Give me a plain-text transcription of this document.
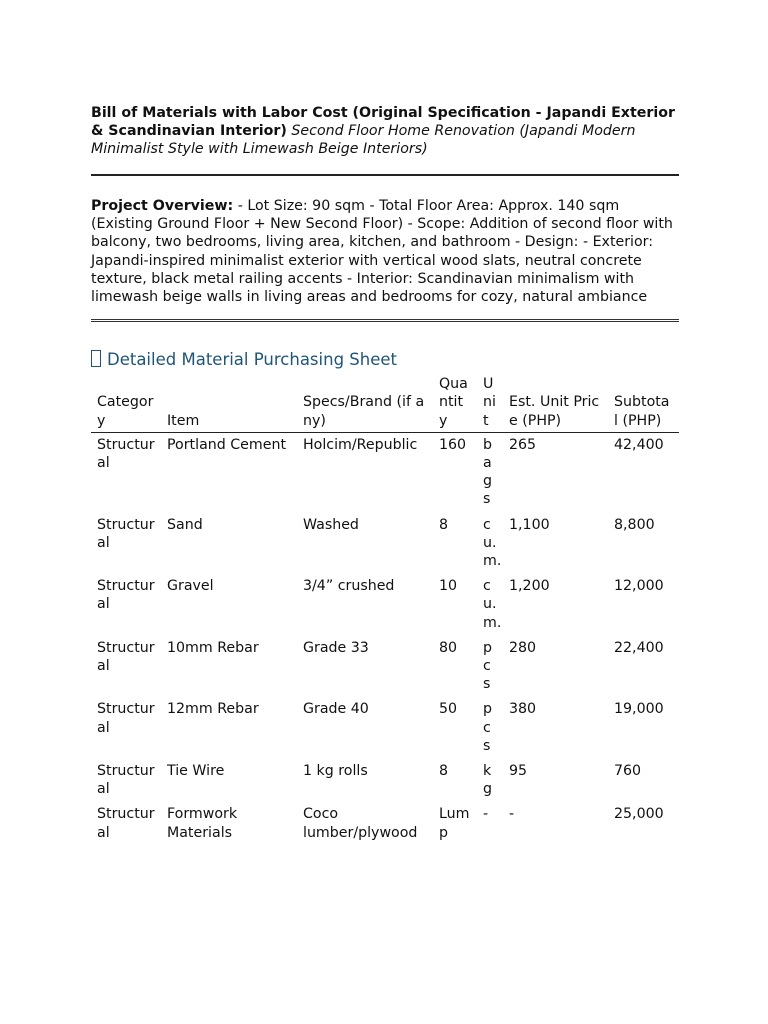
Bill of Materials with Labor Cost (Original Specification - Japandi Exterior & Scandinavian Interior) Second Floor Home Renovation (Japandi Modern Minimalist Style with Limewash Beige Interiors)

Project Overview: - Lot Size: 90 sqm - Total Floor Area: Approx. 140 sqm (Existing Ground Floor + New Second Floor) - Scope: Addition of second floor with balcony, two bedrooms, living area, kitchen, and bathroom - Design: - Exterior: Japandi-inspired minimalist exterior with vertical wood slats, neutral concrete texture, black metal railing accents - Interior: Scandinavian minimalism with limewash beige walls in living areas and bedrooms for cozy, natural ambiance

Detailed Material Purchasing Sheet
Category	Item	Specs/Brand (if any)	Quantity	Unit	Est. Unit Price (PHP)	Subtotal (PHP)
Structural	Portland Cement	Holcim/Republic	160	bags	265	42,400
Structural	Sand	Washed	8	cu.m.	1,100	8,800
Structural	Gravel	3/4” crushed	10	cu.m.	1,200	12,000
Structural	10mm Rebar	Grade 33	80	pcs	280	22,400
Structural	12mm Rebar	Grade 40	50	pcs	380	19,000
Structural	Tie Wire	1 kg rolls	8	kg	95	760
Structural	Formwork Materials	Coco lumber/plywood	Lump	-	-	25,000
